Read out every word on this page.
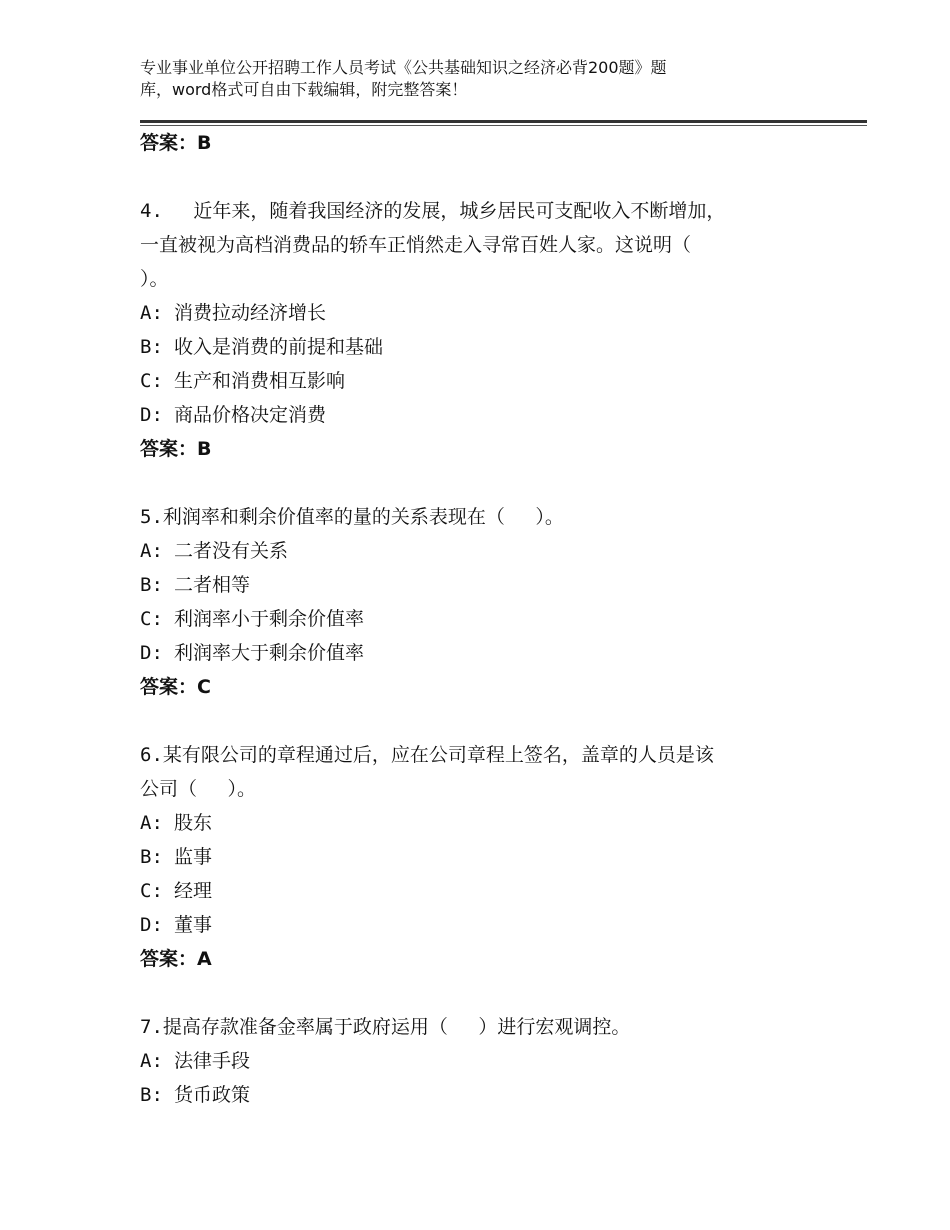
专业事业单位公开招聘工作人员考试《公共基础知识之经济必背200题》题
库，word格式可自由下载编辑，附完整答案！
答案：B
4.　 近年来，随着我国经济的发展，城乡居民可支配收入不断增加，
一直被视为高档消费品的轿车正悄然走入寻常百姓人家。这说明（
）。
A: 消费拉动经济增长
B: 收入是消费的前提和基础
C: 生产和消费相互影响
D: 商品价格决定消费
答案：B
5.利润率和剩余价值率的量的关系表现在（　 ）。
A: 二者没有关系
B: 二者相等
C: 利润率小于剩余价值率
D: 利润率大于剩余价值率
答案：C
6.某有限公司的章程通过后，应在公司章程上签名，盖章的人员是该
公司（　 ）。
A: 股东
B: 监事
C: 经理
D: 董事
答案：A
7.提高存款准备金率属于政府运用（　 ）进行宏观调控。
A: 法律手段
B: 货币政策
